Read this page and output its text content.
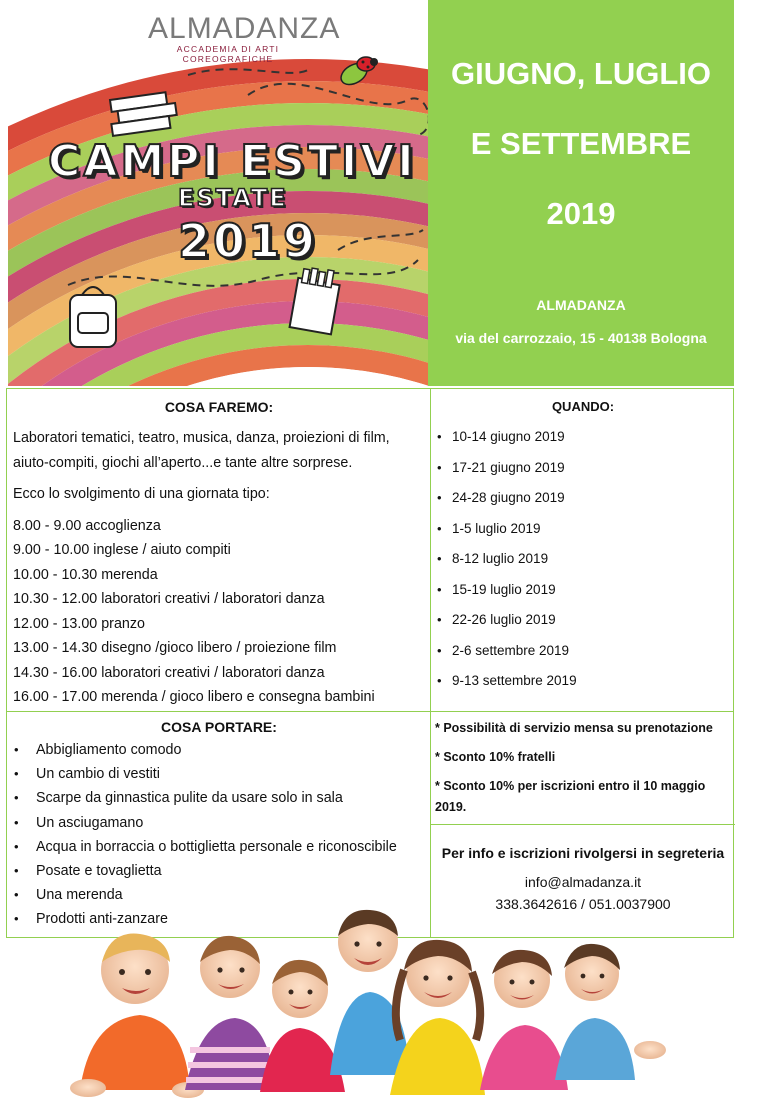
ALMADANZA
ACCADEMIA DI ARTI COREOGRAFICHE
CAMPI ESTIVI
ESTATE
2019
GIUGNO, LUGLIO
E SETTEMBRE
2019
ALMADANZA
via del carrozzaio, 15 - 40138 Bologna
COSA FAREMO:
Laboratori tematici, teatro, musica, danza, proiezioni di film, aiuto-compiti, giochi all’aperto...e tante altre sorprese.
Ecco lo svolgimento di una giornata tipo:
8.00 - 9.00 accoglienza
9.00 - 10.00 inglese / aiuto compiti
10.00 - 10.30 merenda
10.30 - 12.00 laboratori creativi / laboratori danza
12.00 - 13.00 pranzo
13.00 - 14.30 disegno /gioco libero / proiezione film
14.30 - 16.00 laboratori creativi / laboratori danza
16.00 - 17.00 merenda / gioco libero e consegna bambini
QUANDO:
• 10-14 giugno 2019
• 17-21 giugno 2019
• 24-28 giugno 2019
• 1-5 luglio 2019
• 8-12 luglio 2019
• 15-19 luglio 2019
• 22-26 luglio 2019
• 2-6 settembre 2019
• 9-13 settembre 2019
COSA PORTARE:
• Abbigliamento comodo
• Un cambio di vestiti
• Scarpe da ginnastica pulite da usare solo in sala
• Un asciugamano
• Acqua in borraccia o bottiglietta personale e riconoscibile
• Posate e tovaglietta
• Una merenda
• Prodotti anti-zanzare
* Possibilità di servizio mensa su prenotazione
* Sconto 10% fratelli
* Sconto 10% per iscrizioni entro il 10 maggio 2019.
Per info e iscrizioni rivolgersi in segreteria
info@almadanza.it
338.3642616 / 051.0037900
